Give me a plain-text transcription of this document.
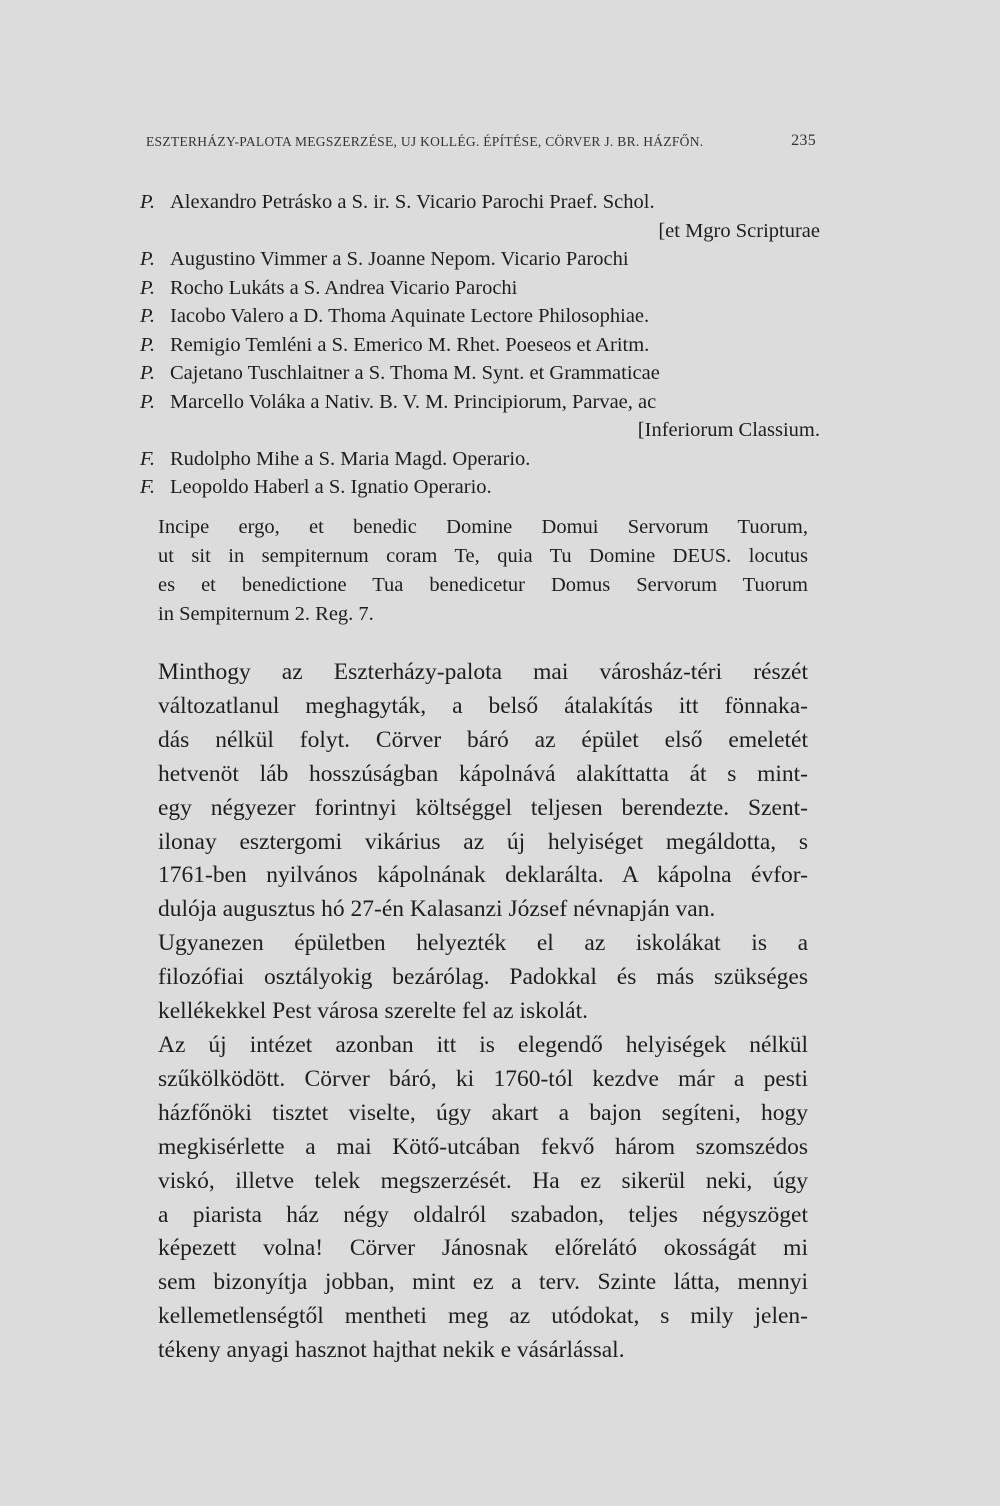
ESZTERHÁZY-PALOTA MEGSZERZÉSE, UJ KOLLÉG. ÉPÍTÉSE, CÖRVER J. BR. HÁZFŐN.	235
P. Alexandro Petrásko a S. ir. S. Vicario Parochi Praef. Schol.
[et Mgro Scripturae
P. Augustino Vimmer a S. Joanne Nepom. Vicario Parochi
P. Rocho Lukáts a S. Andrea Vicario Parochi
P. Iacobo Valero a D. Thoma Aquinate Lectore Philosophiae.
P. Remigio Temléni a S. Emerico M. Rhet. Poeseos et Aritm.
P. Cajetano Tuschlaitner a S. Thoma M. Synt. et Grammaticae
P. Marcello Voláka a Nativ. B. V. M. Principiorum, Parvae, ac
[Inferiorum Classium.
F. Rudolpho Mihe a S. Maria Magd. Operario.
F. Leopoldo Haberl a S. Ignatio Operario.

Incipe ergo, et benedic Domine Domui Servorum Tuorum,
ut sit in sempiternum coram Te, quia Tu Domine DEUS. locutus
es et benedictione Tua benedicetur Domus Servorum Tuorum
in Sempiternum 2. Reg. 7.

Minthogy az Eszterházy-palota mai városház-téri részét
változatlanul meghagyták, a belső átalakítás itt fönnaka-
dás nélkül folyt. Cörver báró az épület első emeletét
hetvenöt láb hosszúságban kápolnává alakíttatta át s mint-
egy négyezer forintnyi költséggel teljesen berendezte. Szent-
ilonay esztergomi vikárius az új helyiséget megáldotta, s
1761-ben nyilvános kápolnának deklarálta. A kápolna évfor-
dulója augusztus hó 27-én Kalasanzi József névnapján van.

Ugyanezen épületben helyezték el az iskolákat is a
filozófiai osztályokig bezárólag. Padokkal és más szükséges
kellékekkel Pest városa szerelte fel az iskolát.

Az új intézet azonban itt is elegendő helyiségek nélkül
szűkölködött. Cörver báró, ki 1760-tól kezdve már a pesti
házfőnöki tisztet viselte, úgy akart a bajon segíteni, hogy
megkisérlette a mai Kötő-utcában fekvő három szomszédos
viskó, illetve telek megszerzését. Ha ez sikerül neki, úgy
a piarista ház négy oldalról szabadon, teljes négyszöget
képezett volna! Cörver Jánosnak előrelátó okosságát mi
sem bizonyítja jobban, mint ez a terv. Szinte látta, mennyi
kellemetlenségtől mentheti meg az utódokat, s mily jelen-
tékeny anyagi hasznot hajthat nekik e vásárlással.
